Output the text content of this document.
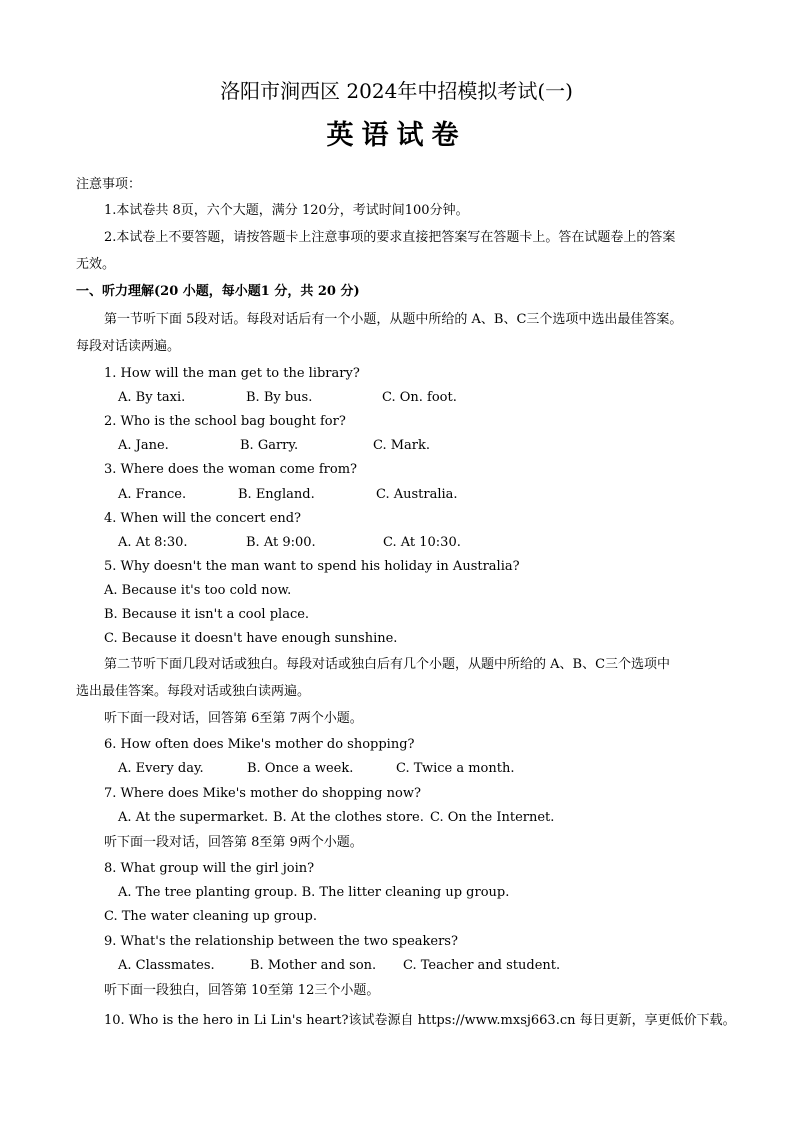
洛阳市涧西区 2024年中招模拟考试(一)
英语试卷
注意事项：
1.本试卷共 8页，六个大题，满分 120分，考试时间100分钟。
2.本试卷上不要答题，请按答题卡上注意事项的要求直接把答案写在答题卡上。答在试题卷上的答案
无效。
一、听力理解(20 小题，每小题1 分，共 20 分)
第一节听下面 5段对话。每段对话后有一个小题，从题中所给的 A、B、C三个选项中选出最佳答案。
每段对话读两遍。
1. How will the man get to the library?
A. By taxi.	B. By bus.	C. On. foot.
2. Who is the school bag bought for?
A. Jane.	B. Garry.	C. Mark.
3. Where does the woman come from?
A. France.	B. England.	C. Australia.
4. When will the concert end?
A. At 8:30.	B. At 9:00.	C. At 10:30.
5. Why doesn't the man want to spend his holiday in Australia?
A. Because it's too cold now.
B. Because it isn't a cool place.
C. Because it doesn't have enough sunshine.
第二节听下面几段对话或独白。每段对话或独白后有几个小题，从题中所给的 A、B、C三个选项中
选出最佳答案。每段对话或独白读两遍。
听下面一段对话，回答第 6至第 7两个小题。
6. How often does Mike's mother do shopping?
A. Every day.	B. Once a week.	C. Twice a month.
7. Where does Mike's mother do shopping now?
A. At the supermarket. B. At the clothes store. C. On the Internet.
听下面一段对话，回答第 8至第 9两个小题。
8. What group will the girl join?
A. The tree planting group. B. The litter cleaning up group.
C. The water cleaning up group.
9. What's the relationship between the two speakers?
A. Classmates.	B. Mother and son. C. Teacher and student.
听下面一段独白，回答第 10至第 12三个小题。
10. Who is the hero in Li Lin's heart?该试卷源自 https://www.mxsj663.cn 每日更新，享更低价下载。
